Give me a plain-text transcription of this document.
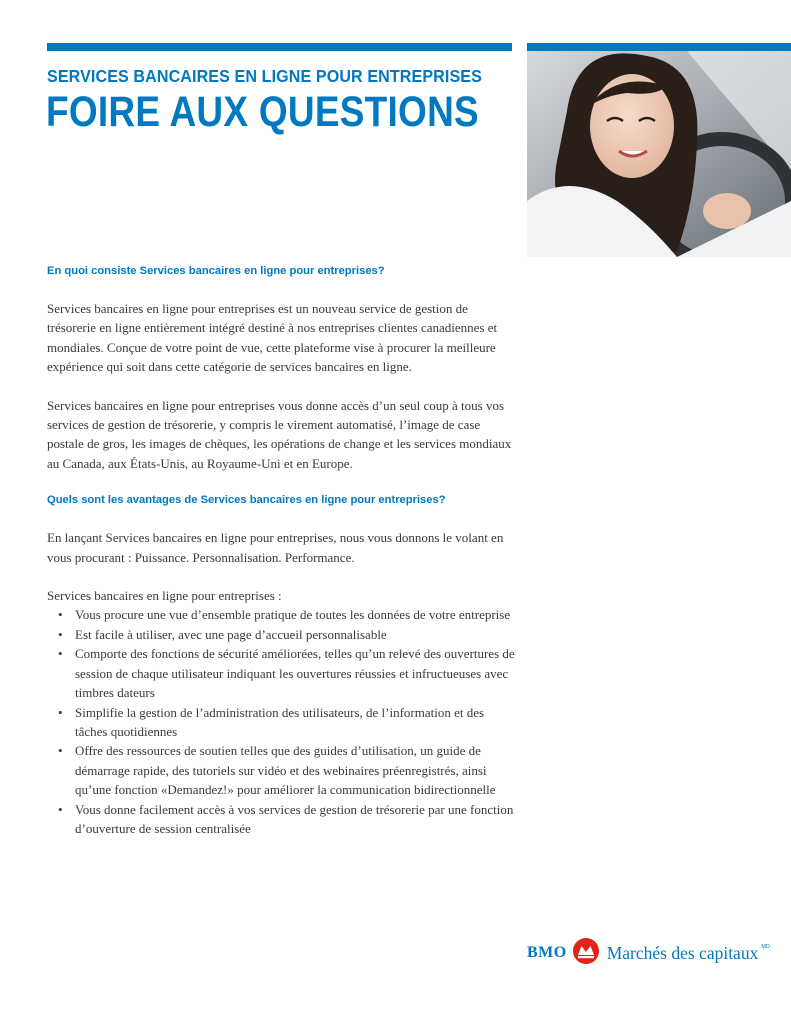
SERVICES BANCAIRES EN LIGNE POUR ENTREPRISES
FOIRE AUX QUESTIONS

En quoi consiste Services bancaires en ligne pour entreprises?

Services bancaires en ligne pour entreprises est un nouveau service de gestion de trésorerie en ligne entièrement intégré destiné à nos entreprises clientes canadiennes et mondiales. Conçue de votre point de vue, cette plateforme vise à procurer la meilleure expérience qui soit dans cette catégorie de services bancaires en ligne.

Services bancaires en ligne pour entreprises vous donne accès d’un seul coup à tous vos services de gestion de trésorerie, y compris le virement automatisé, l’image de case postale de gros, les images de chèques, les opérations de change et les services mondiaux au Canada, aux États-Unis, au Royaume-Uni et en Europe.

Quels sont les avantages de Services bancaires en ligne pour entreprises?

En lançant Services bancaires en ligne pour entreprises, nous vous donnons le volant en vous procurant : Puissance. Personnalisation. Performance.

Services bancaires en ligne pour entreprises :

• Vous procure une vue d’ensemble pratique de toutes les données de votre entreprise
• Est facile à utiliser, avec une page d’accueil personnalisable
• Comporte des fonctions de sécurité améliorées, telles qu’un relevé des ouvertures de session de chaque utilisateur indiquant les ouvertures réussies et infructueuses avec timbres dateurs
• Simplifie la gestion de l’administration des utilisateurs, de l’information et des tâches quotidiennes
• Offre des ressources de soutien telles que des guides d’utilisation, un guide de démarrage rapide, des tutoriels sur vidéo et des webinaires préenregistrés, ainsi qu’une fonction «Demandez!» pour améliorer la communication bidirectionnelle
• Vous donne facilement accès à vos services de gestion de trésorerie par une fonction d’ouverture de session centralisée
BMO Marchés des capitaux MD
